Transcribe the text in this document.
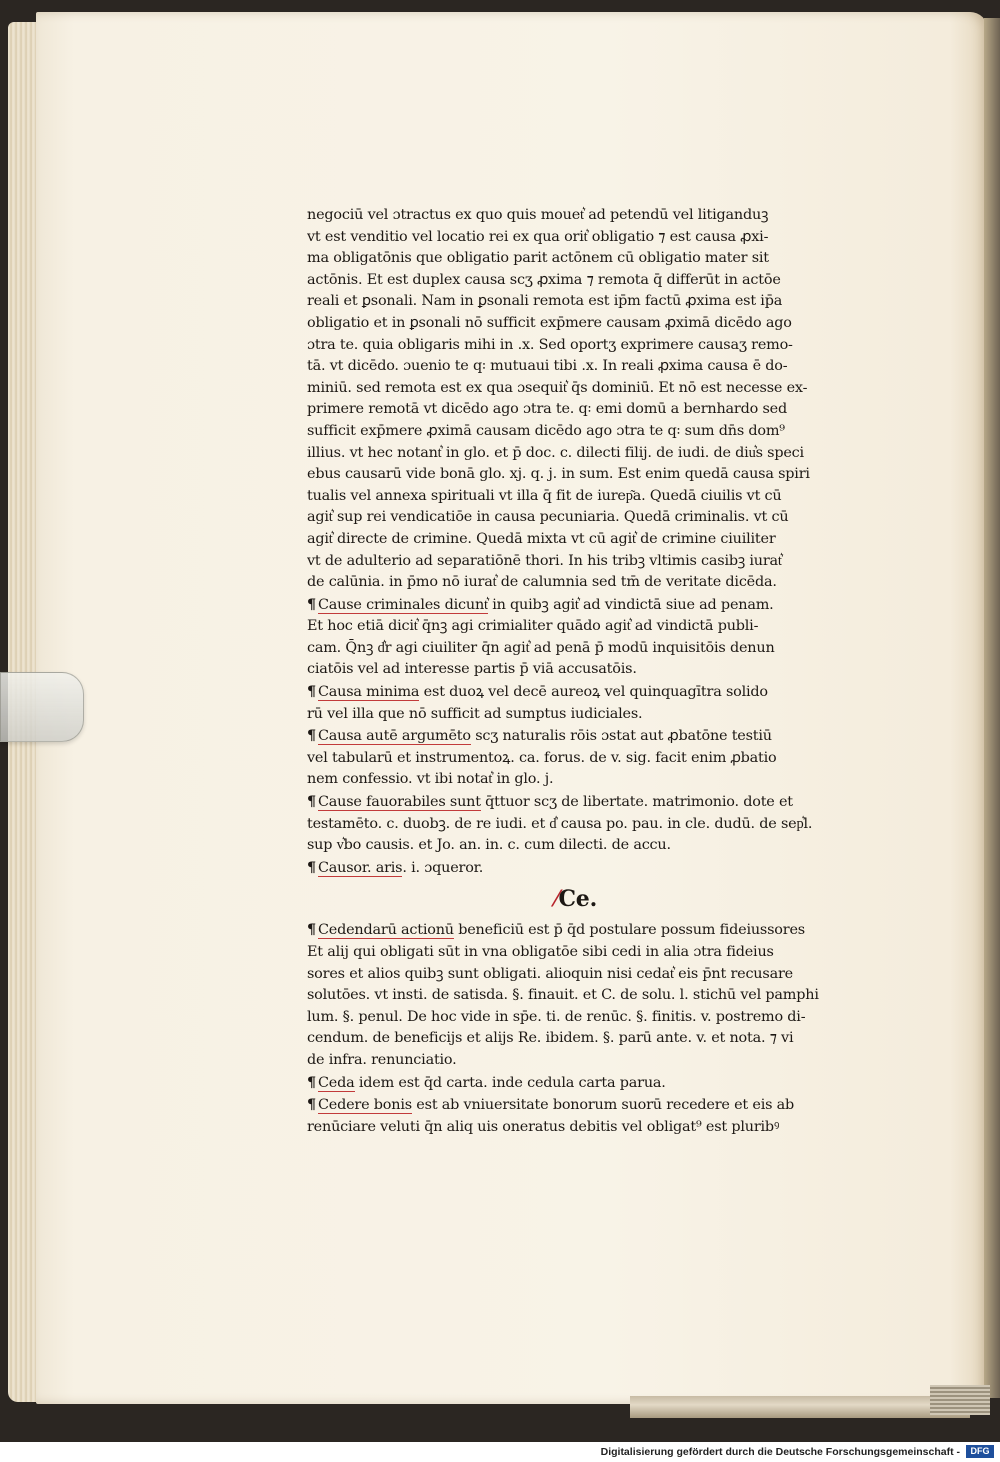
negociū vel ɔtractus ex quo quis mouet͛ ad petendū vel litiganduꝫ
vt est venditio vel locatio rei ex qua orit͛ obligatio ⁊ est causa ꝓxi-
ma obligatōnis que obligatio parit actōnem cū obligatio mater sit
actōnis. Et est duplex causa scʒ ꝓxima ⁊ remota q̄ differūt in actōe
reali et ꝑsonali. Nam in ꝑsonali remota est ip̄m factū ꝓxima est ip̄a
obligatio et in ꝑsonali nō sufficit exp̄mere causam ꝓximā dicēdo ago
ɔtra te. quia obligaris mihi in .x. Sed oportʒ exprimere causaʒ remo-
tā. vt dicēdo. ɔuenio te q꞉ mutuaui tibi .x. In reali ꝓxima causa ē do-
miniū. sed remota est ex qua ɔsequit͛ q̄s dominiū. Et nō est necesse ex-
primere remotā vt dicēdo ago ɔtra te. q꞉ emi domū a bernhardo sed
sufficit exp̄mere ꝓximā causam dicēdo ago ɔtra te q꞉ sum dn̄s dom⁹
illius. vt hec notant͛ in glo. et p̄ doc. c. dilecti filij. de iudi. de diu͛s speci
ebus causarū vide bonā glo. xj. q. j. in sum. Est enim quedā causa spiri
tualis vel annexa spirituali vt illa q̄ fit de iurep͂a. Quedā ciuilis vt cū
agit͛ sup rei vendicatiōe in causa pecuniaria. Quedā criminalis. vt cū
agit͛ directe de crimine. Quedā mixta vt cū agit͛ de crimine ciuiliter
vt de adulterio ad separatiōnē thori. In his tribꝫ vltimis casibꝫ iurat͛
de calūnia. in p̄mo nō iurat͛ de calumnia sed tm̄ de veritate dicēda.
¶ Cause criminales dicunt͛ in quibꝫ agit͛ ad vindictā siue ad penam.
Et hoc etiā dicit͛ q̄nꝫ agi crimialiter quādo agit͛ ad vindictā publi-
cam. Q̄nꝫ d͛r agi ciuiliter q̄n agit͛ ad penā p̄ modū inquisitōis denun
ciatōis vel ad interesse partis p̄ viā accusatōis.
¶ Causa minima est duoꝝ vel decē aureoꝝ vel quinquagītra solido
rū vel illa que nō sufficit ad sumptus iudiciales.
¶ Causa autē argumēto scʒ naturalis rōis ɔstat aut ꝓbatōne testiū
vel tabularū et instrumentoꝝ. ca. forus. de v. sig. facit enim ꝓbatio
nem confessio. vt ibi notat͛ in glo. j.
¶ Cause fauorabiles sunt q̄ttuor scʒ de libertate. matrimonio. dote et
testamēto. c. duobꝫ. de re iudi. et d͛ causa po. pau. in cle. dudū. de sep͛l.
sup v͛bo causis. et Jo. an. in. c. cum dilecti. de accu.
¶ Causor. aris. i. ɔqueror.
⁄Ce.
¶ Cedendarū actionū beneficiū est p̄ q̄d postulare possum fideiussores
Et alij qui obligati sūt in vna obligatōe sibi cedi in alia ɔtra fideius
sores et alios quibꝫ sunt obligati. alioquin nisi cedat͛ eis p̄nt recusare
solutōes. vt insti. de satisda. §. finauit. et C. de solu. l. stichū vel pamphi
lum. §. penul. De hoc vide in sp̄e. ti. de renūc. §. finitis. v. postremo di-
cendum. de beneficijs et alijs Re. ibidem. §. parū ante. v. et nota. ⁊ vi
de infra. renunciatio.
¶ Ceda idem est q̄d carta. inde cedula carta parua.
¶ Cedere bonis est ab vniuersitate bonorum suorū recedere et eis ab
renūciare veluti q̄n aliq uis oneratus debitis vel obligat⁹ est pluribꝰ
Digitalisierung gefördert durch die Deutsche Forschungsgemeinschaft -	DFG
